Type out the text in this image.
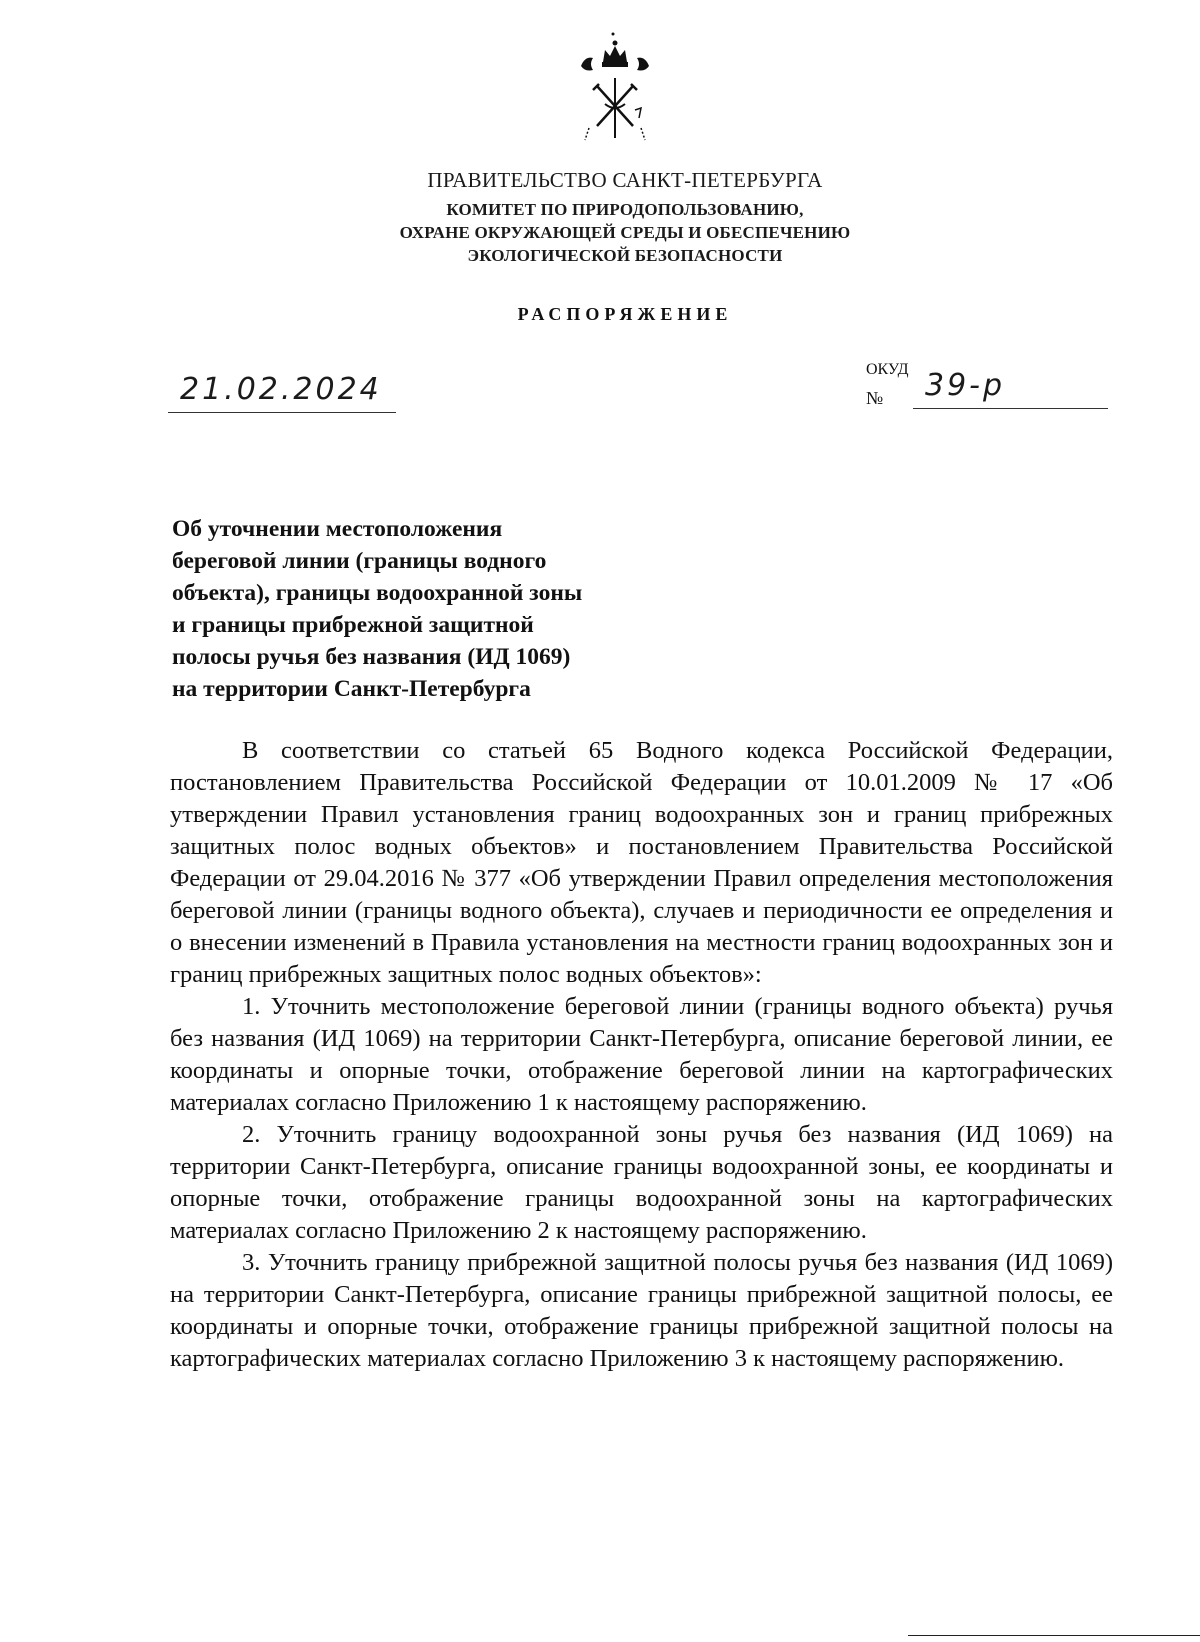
ПРАВИТЕЛЬСТВО САНКТ-ПЕТЕРБУРГА
КОМИТЕТ ПО ПРИРОДОПОЛЬЗОВАНИЮ,
ОХРАНЕ ОКРУЖАЮЩЕЙ СРЕДЫ И ОБЕСПЕЧЕНИЮ
ЭКОЛОГИЧЕСКОЙ БЕЗОПАСНОСТИ
РАСПОРЯЖЕНИЕ
21.02.2024
ОКУД
№ 39-р
Об уточнении местоположения
береговой линии (границы водного
объекта), границы водоохранной зоны
и границы прибрежной защитной
полосы ручья без названия (ИД 1069)
на территории Санкт-Петербурга

В соответствии со статьей 65 Водного кодекса Российской Федерации, постановлением Правительства Российской Федерации от 10.01.2009 № 17 «Об утверждении Правил установления границ водоохранных зон и границ прибрежных защитных полос водных объектов» и постановлением Правительства Российской Федерации от 29.04.2016 № 377 «Об утверждении Правил определения местоположения береговой линии (границы водного объекта), случаев и периодичности ее определения и о внесении изменений в Правила установления на местности границ водоохранных зон и границ прибрежных защитных полос водных объектов»:

1. Уточнить местоположение береговой линии (границы водного объекта) ручья без названия (ИД 1069) на территории Санкт-Петербурга, описание береговой линии, ее координаты и опорные точки, отображение береговой линии на картографических материалах согласно Приложению 1 к настоящему распоряжению.

2. Уточнить границу водоохранной зоны ручья без названия (ИД 1069) на территории Санкт-Петербурга, описание границы водоохранной зоны, ее координаты и опорные точки, отображение границы водоохранной зоны на картографических материалах согласно Приложению 2 к настоящему распоряжению.

3. Уточнить границу прибрежной защитной полосы ручья без названия (ИД 1069) на территории Санкт-Петербурга, описание границы прибрежной защитной полосы, ее координаты и опорные точки, отображение границы прибрежной защитной полосы на картографических материалах согласно Приложению 3 к настоящему распоряжению.
